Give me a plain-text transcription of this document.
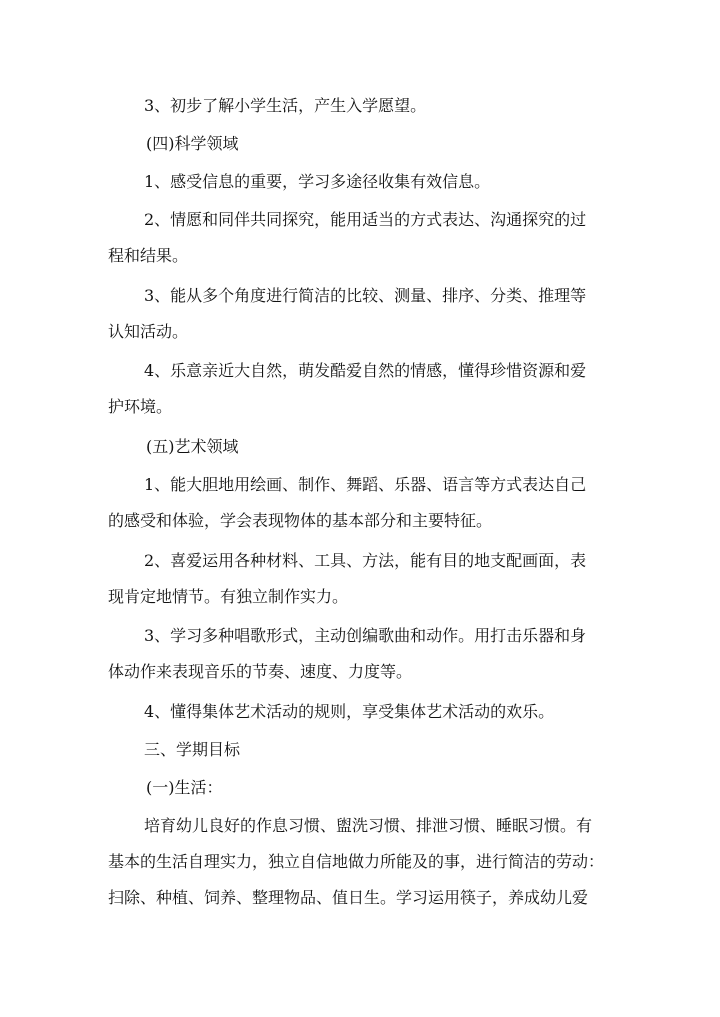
3、初步了解小学生活，产生入学愿望。
(四)科学领域
1、感受信息的重要，学习多途径收集有效信息。
2、情愿和同伴共同探究，能用适当的方式表达、沟通探究的过
程和结果。
3、能从多个角度进行简洁的比较、测量、排序、分类、推理等
认知活动。
4、乐意亲近大自然，萌发酷爱自然的情感，懂得珍惜资源和爱
护环境。
(五)艺术领域
1、能大胆地用绘画、制作、舞蹈、乐器、语言等方式表达自己
的感受和体验，学会表现物体的基本部分和主要特征。
2、喜爱运用各种材料、工具、方法，能有目的地支配画面，表
现肯定地情节。有独立制作实力。
3、学习多种唱歌形式，主动创编歌曲和动作。用打击乐器和身
体动作来表现音乐的节奏、速度、力度等。
4、懂得集体艺术活动的规则，享受集体艺术活动的欢乐。
三、学期目标
(一)生活：
培育幼儿良好的作息习惯、盥洗习惯、排泄习惯、睡眠习惯。有
基本的生活自理实力，独立自信地做力所能及的事，进行简洁的劳动：
扫除、种植、饲养、整理物品、值日生。学习运用筷子，养成幼儿爱
